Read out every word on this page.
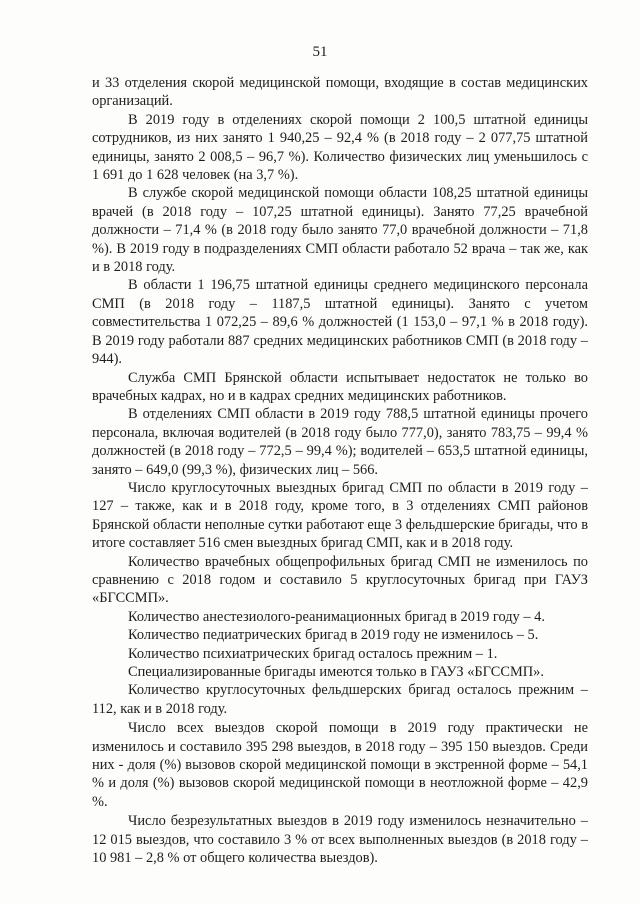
51

и 33 отделения скорой медицинской помощи, входящие в состав медицинских организаций.

В 2019 году в отделениях скорой помощи 2 100,5 штатной единицы сотрудников, из них занято 1 940,25 – 92,4 % (в 2018 году – 2 077,75 штатной единицы, занято 2 008,5 – 96,7 %). Количество физических лиц уменьшилось с 1 691 до 1 628 человек (на 3,7 %).

В службе скорой медицинской помощи области 108,25 штатной единицы врачей (в 2018 году – 107,25 штатной единицы). Занято 77,25 врачебной должности – 71,4 % (в 2018 году было занято 77,0 врачебной должности – 71,8 %). В 2019 году в подразделениях СМП области работало 52 врача – так же, как и в 2018 году.

В области 1 196,75 штатной единицы среднего медицинского персонала СМП (в 2018 году – 1187,5 штатной единицы). Занято с учетом совместительства 1 072,25 – 89,6 % должностей (1 153,0 – 97,1 % в 2018 году). В 2019 году работали 887 средних медицинских работников СМП (в 2018 году – 944).

Служба СМП Брянской области испытывает недостаток не только во врачебных кадрах, но и в кадрах средних медицинских работников.

В отделениях СМП области в 2019 году 788,5 штатной единицы прочего персонала, включая водителей (в 2018 году было 777,0), занято 783,75 – 99,4 % должностей (в 2018 году – 772,5 – 99,4 %); водителей – 653,5 штатной единицы, занято – 649,0 (99,3 %), физических лиц – 566.

Число круглосуточных выездных бригад СМП по области в 2019 году – 127 – также, как и в 2018 году, кроме того, в 3 отделениях СМП районов Брянской области неполные сутки работают еще 3 фельдшерские бригады, что в итоге составляет 516 смен выездных бригад СМП, как и в 2018 году.

Количество врачебных общепрофильных бригад СМП не изменилось по сравнению с 2018 годом и составило 5 круглосуточных бригад при ГАУЗ «БГССМП».

Количество анестезиолого-реанимационных бригад в 2019 году – 4.

Количество педиатрических бригад в 2019 году не изменилось – 5.

Количество психиатрических бригад осталось прежним – 1.

Специализированные бригады имеются только в ГАУЗ «БГССМП».

Количество круглосуточных фельдшерских бригад осталось прежним – 112, как и в 2018 году.

Число всех выездов скорой помощи в 2019 году практически не изменилось и составило 395 298 выездов, в 2018 году – 395 150 выездов. Среди них - доля (%) вызовов скорой медицинской помощи в экстренной форме – 54,1 % и доля (%) вызовов скорой медицинской помощи в неотложной форме – 42,9 %.

Число безрезультатных выездов в 2019 году изменилось незначительно – 12 015 выездов, что составило 3 % от всех выполненных выездов (в 2018 году – 10 981 – 2,8 % от общего количества выездов).
